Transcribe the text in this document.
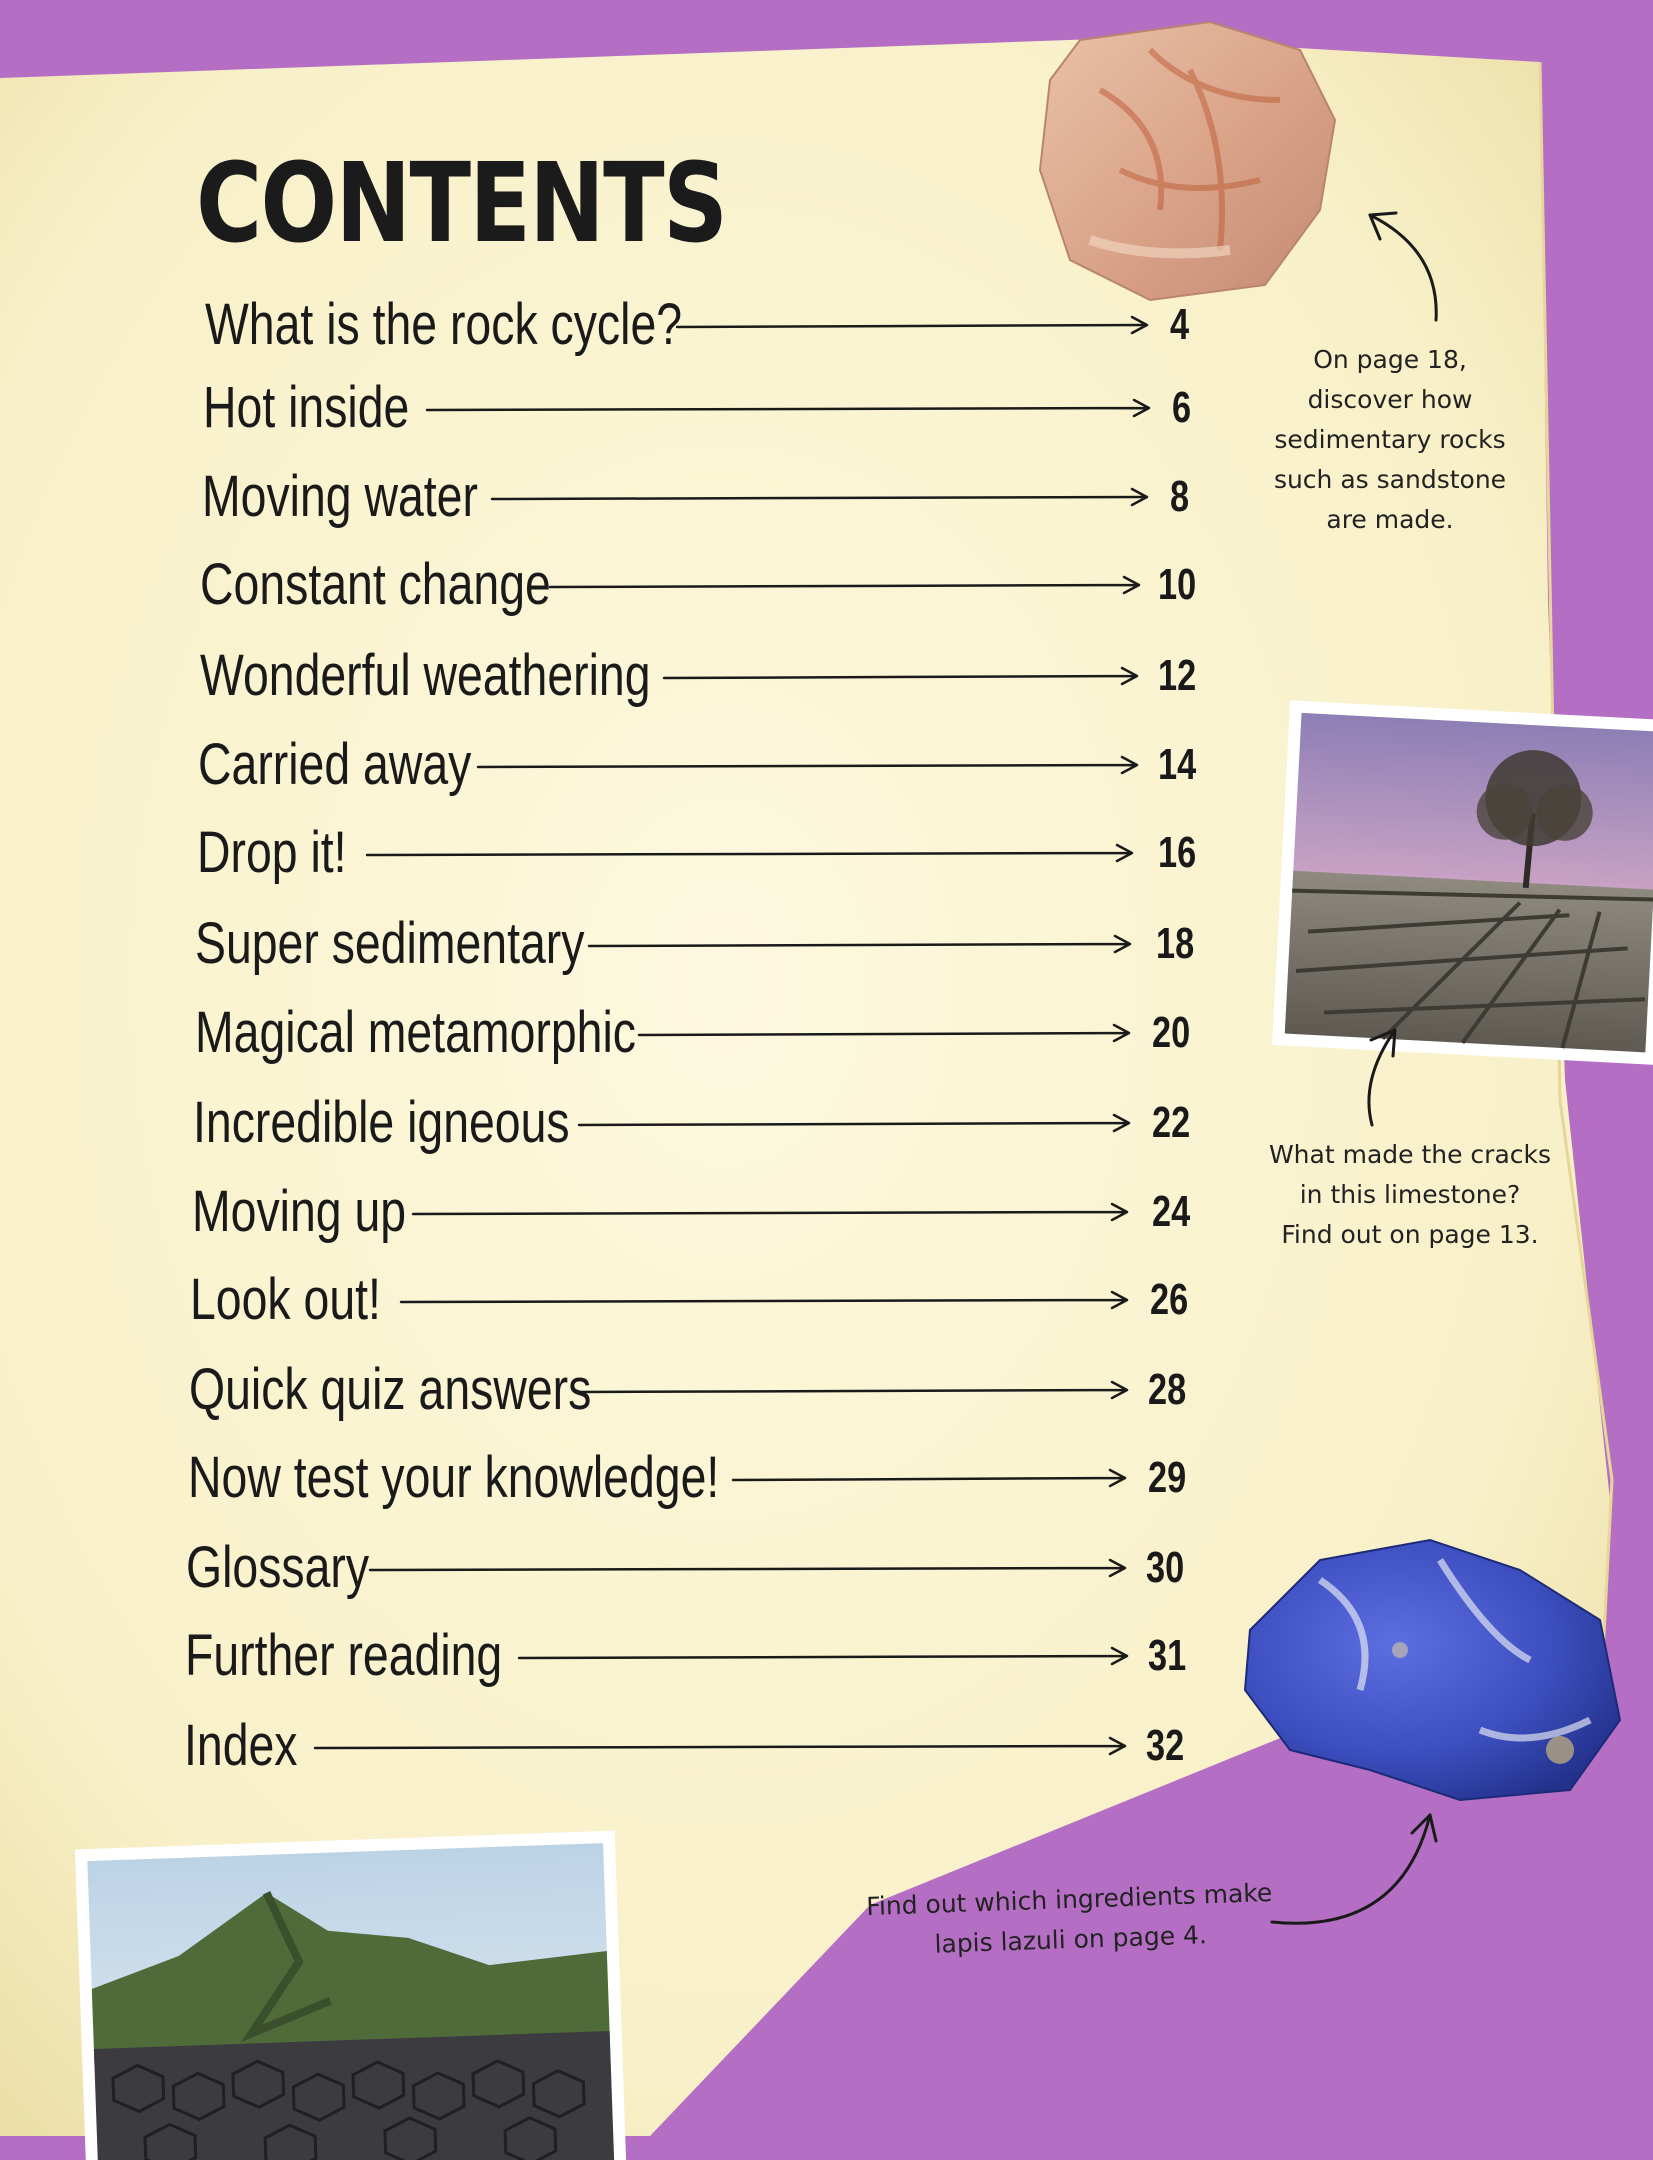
CONTENTS
What is the rock cycle?	4
Hot inside	6
Moving water	8
Constant change	10
Wonderful weathering	12
Carried away	14
Drop it!	16
Super sedimentary	18
Magical metamorphic	20
Incredible igneous	22
Moving up	24
Look out!	26
Quick quiz answers	28
Now test your knowledge!	29
Glossary	30
Further reading	31
Index	32
On page 18,
discover how
sedimentary rocks
such as sandstone
are made.
What made the cracks
in this limestone?
Find out on page 13.
Find out which ingredients make
lapis lazuli on page 4.
